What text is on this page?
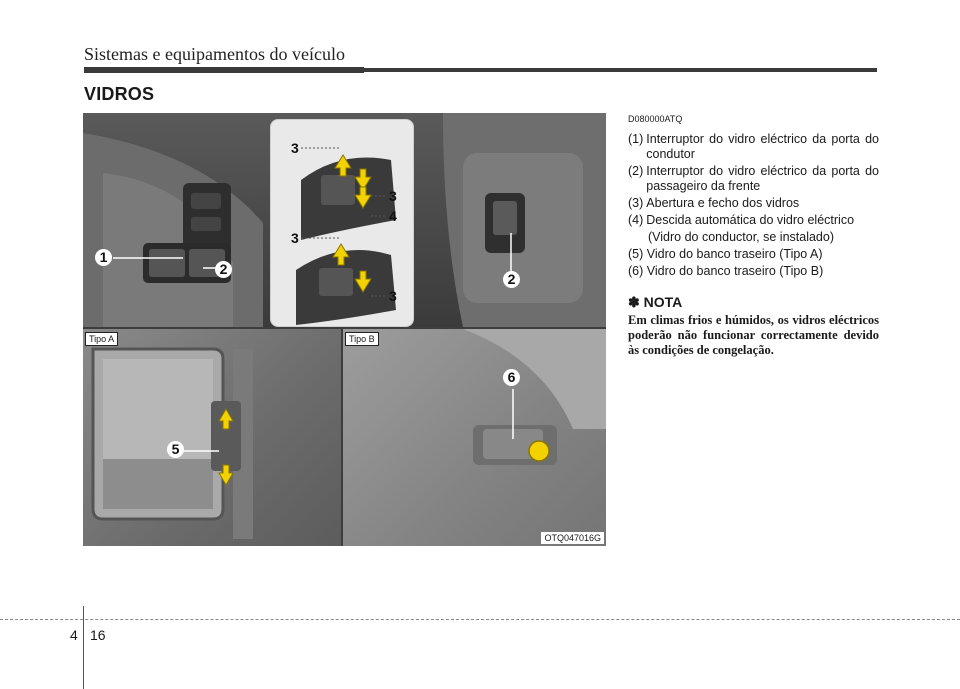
Sistemas e equipamentos do veículo
VIDROS
3
3
4
3
3
1
2
2
Tipo A
5
Tipo B
6
OTQ047016G
D080000ATQ
(1) Interruptor do vidro eléctrico da porta do condutor
(2) Interruptor do vidro eléctrico da porta do passageiro da frente
(3) Abertura e fecho dos vidros
(4) Descida automática do vidro eléctrico
(Vidro do conductor, se instalado)
(5) Vidro do banco traseiro (Tipo A)
(6) Vidro do banco traseiro (Tipo B)
✽ NOTA
Em climas frios e húmidos, os vidros eléctricos poderão não funcionar correctamente devido às condições de congelação.
4 16
